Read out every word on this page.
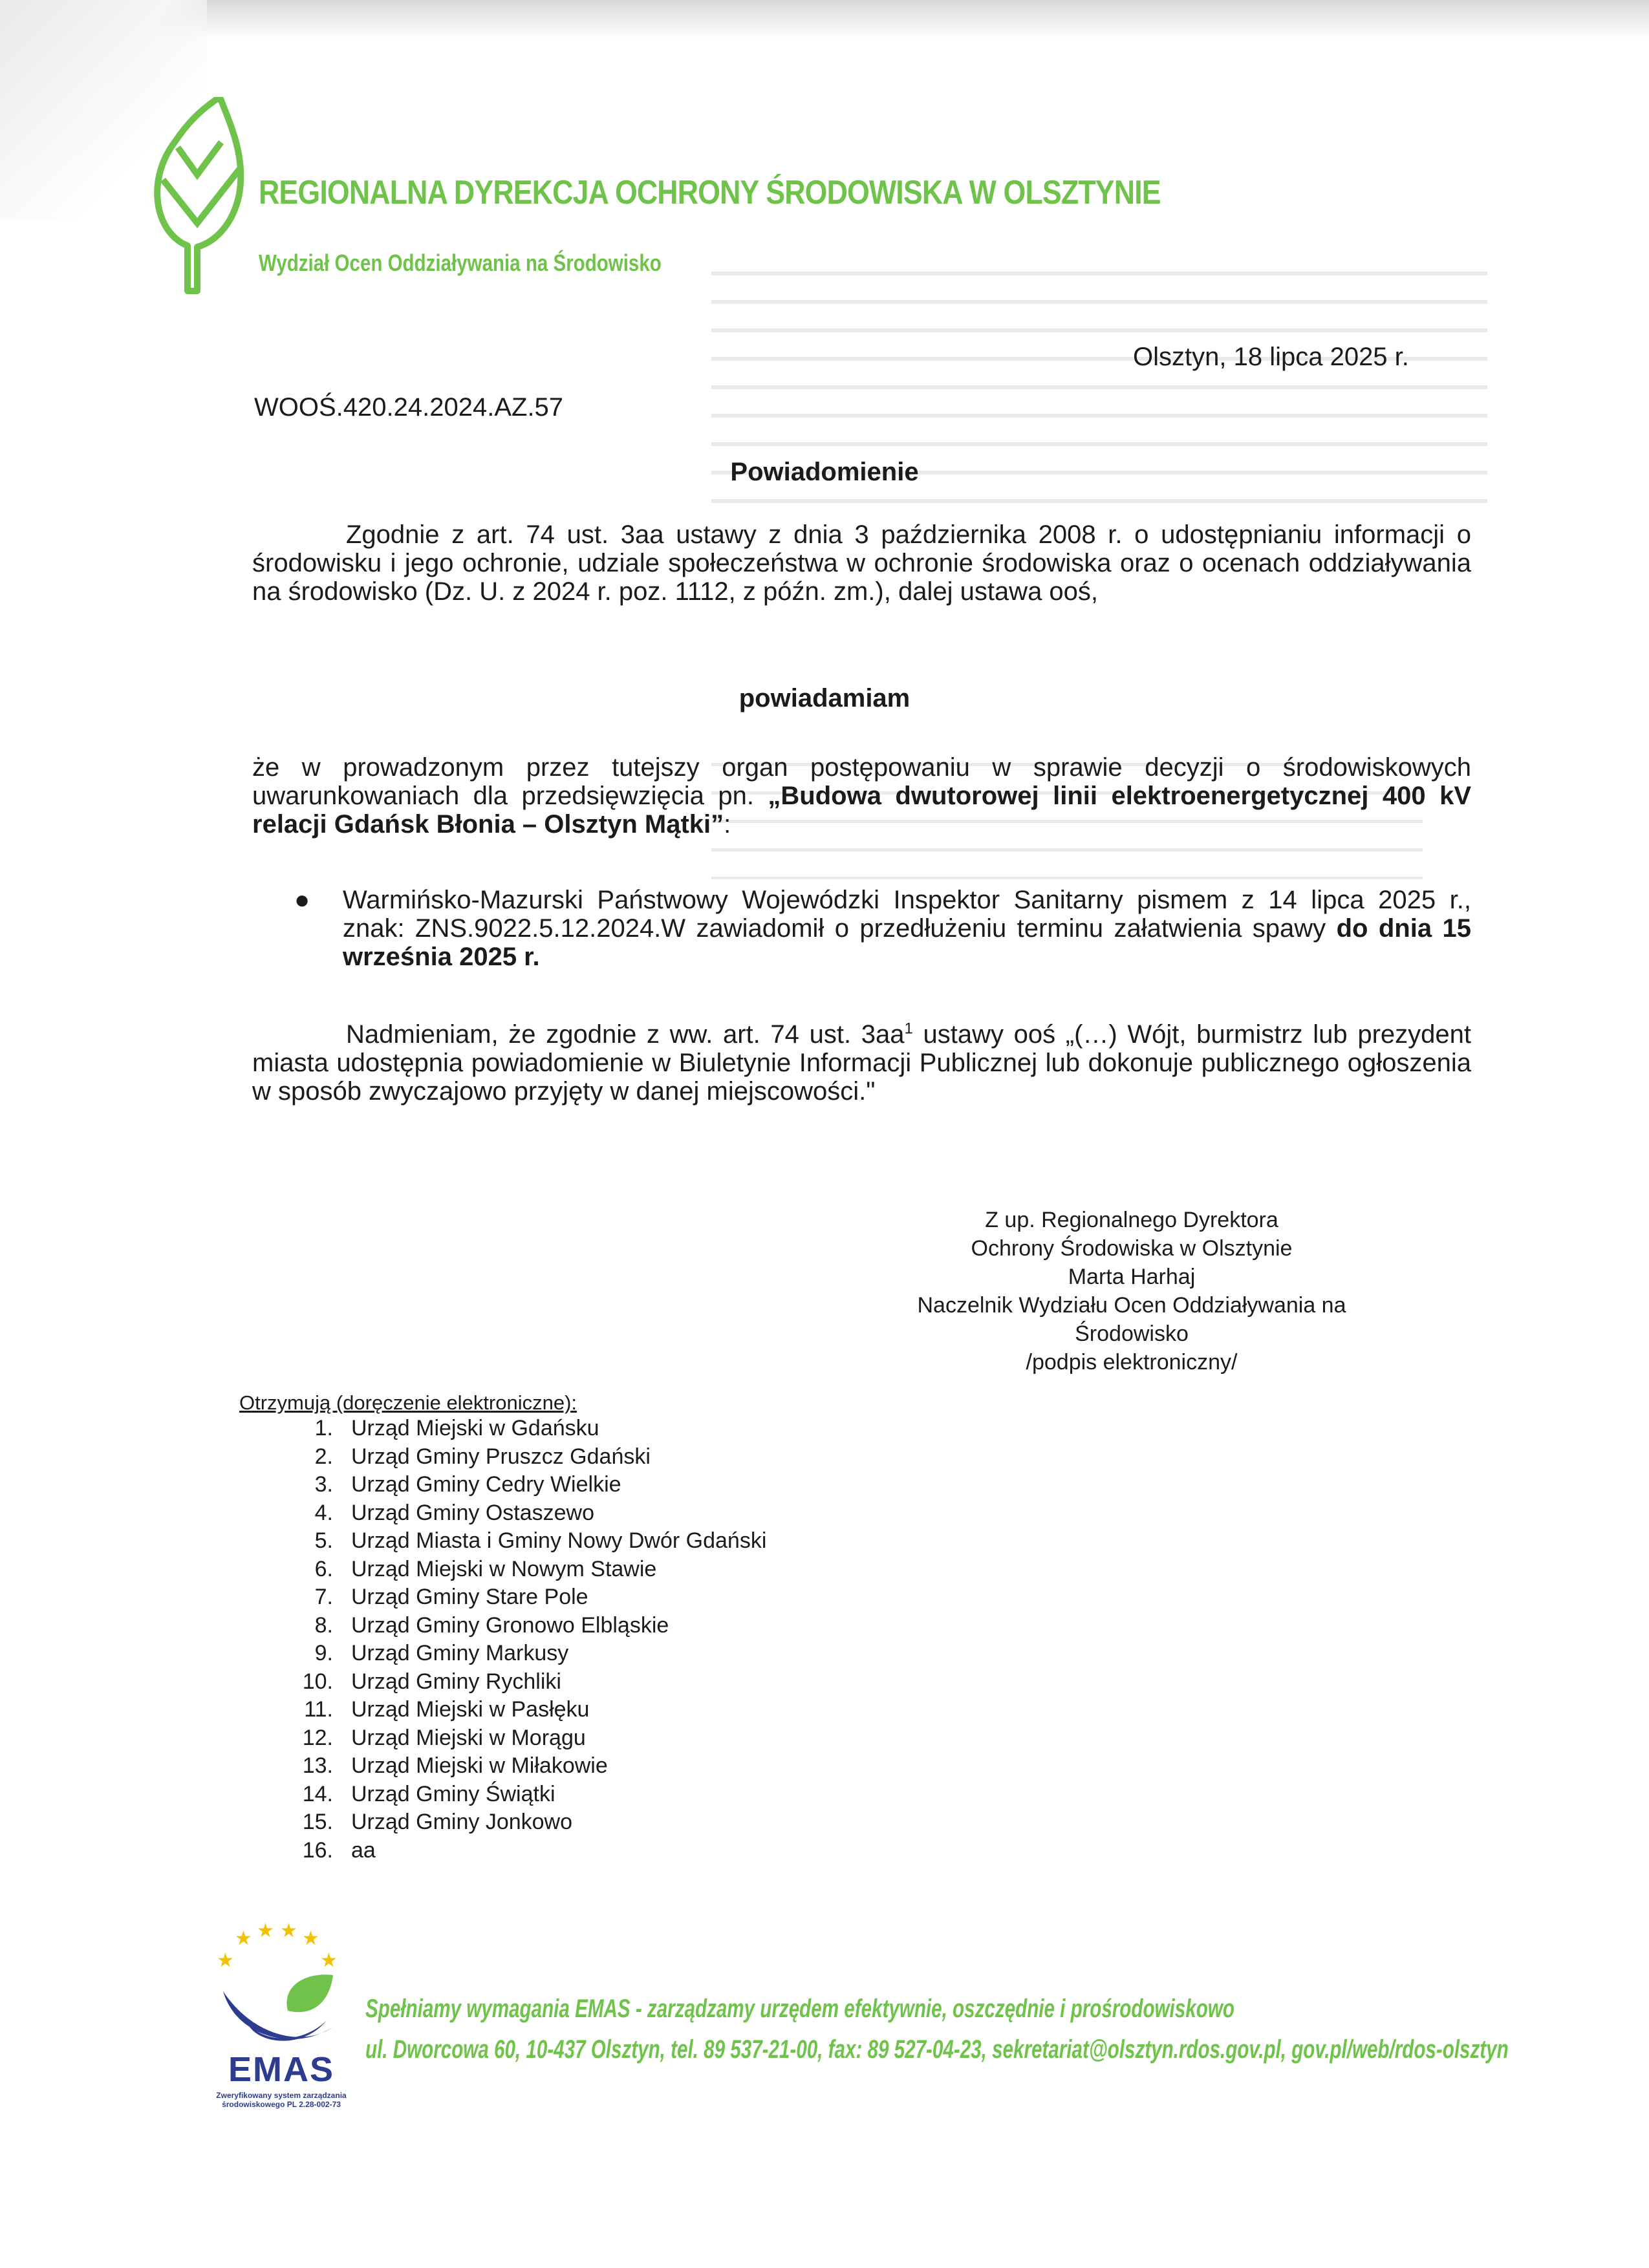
REGIONALNA DYREKCJA OCHRONY ŚRODOWISKA W OLSZTYNIE
Wydział Ocen Oddziaływania na Środowisko
Olsztyn, 18 lipca 2025 r.
WOOŚ.420.24.2024.AZ.57
Powiadomienie
Zgodnie z art. 74 ust. 3aa ustawy z dnia 3 października 2008 r. o udostępnianiu informacji o środowisku i jego ochronie, udziale społeczeństwa w ochronie środowiska oraz o ocenach oddziaływania na środowisko (Dz. U. z 2024 r. poz. 1112, z późn. zm.), dalej ustawa ooś,
powiadamiam
że w prowadzonym przez tutejszy organ postępowaniu w sprawie decyzji o środowiskowych uwarunkowaniach dla przedsięwzięcia pn. „Budowa dwutorowej linii elektroenergetycznej 400 kV relacji Gdańsk Błonia – Olsztyn Mątki”:
● Warmińsko-Mazurski Państwowy Wojewódzki Inspektor Sanitarny pismem z 14 lipca 2025 r., znak: ZNS.9022.5.12.2024.W zawiadomił o przedłużeniu terminu załatwienia spawy do dnia 15 września 2025 r.
Nadmieniam, że zgodnie z ww. art. 74 ust. $3aa^1$ ustawy ooś „(…) Wójt, burmistrz lub prezydent miasta udostępnia powiadomienie w Biuletynie Informacji Publicznej lub dokonuje publicznego ogłoszenia w sposób zwyczajowo przyjęty w danej miejscowości."
Z up. Regionalnego Dyrektora
Ochrony Środowiska w Olsztynie
Marta Harhaj
Naczelnik Wydziału Ocen Oddziaływania na
Środowisko
/podpis elektroniczny/
Otrzymują (doręczenie elektroniczne):
1. Urząd Miejski w Gdańsku
2. Urząd Gminy Pruszcz Gdański
3. Urząd Gminy Cedry Wielkie
4. Urząd Gminy Ostaszewo
5. Urząd Miasta i Gminy Nowy Dwór Gdański
6. Urząd Miejski w Nowym Stawie
7. Urząd Gminy Stare Pole
8. Urząd Gminy Gronowo Elbląskie
9. Urząd Gminy Markusy
10. Urząd Gminy Rychliki
11. Urząd Miejski w Pasłęku
12. Urząd Miejski w Morągu
13. Urząd Miejski w Miłakowie
14. Urząd Gminy Świątki
15. Urząd Gminy Jonkowo
16. aa
★ ★ ★ ★
★	★
EMAS
Zweryfikowany system zarządzania środowiskowego PL 2.28-002-73
Spełniamy wymagania EMAS - zarządzamy urzędem efektywnie, oszczędnie i prośrodowiskowo
ul. Dworcowa 60, 10-437 Olsztyn, tel. 89 537-21-00, fax: 89 527-04-23, sekretariat@olsztyn.rdos.gov.pl, gov.pl/web/rdos-olsztyn
